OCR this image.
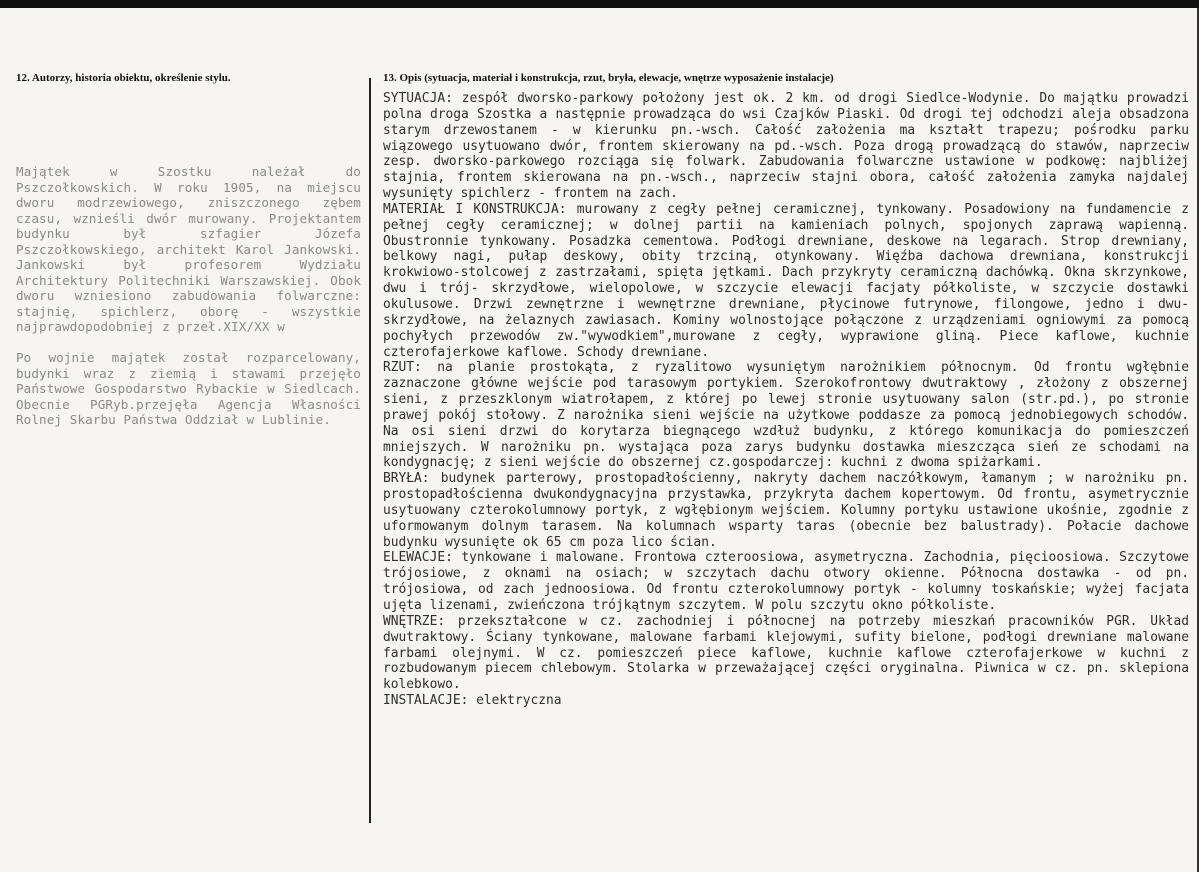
12. Autorzy, historia obiektu, określenie stylu.

Majątek w Szostku należał do Pszczołkowskich. W roku 1905, na miejscu dworu modrzewiowego, zniszczonego zębem czasu, wznieśli dwór murowany. Projektantem budynku był szfagier Józefa Pszczołkowskiego, architekt Karol Jankowski. Jankowski był profesorem Wydziału Architektury Politechniki Warszawskiej. Obok dworu wzniesiono zabudowania folwarczne: stajnię, spichlerz, oborę - wszystkie najprawdopodobniej z przeł.XIX/XX w

Po wojnie majątek został rozparcelowany, budynki wraz z ziemią i stawami przejęło Państwowe Gospodarstwo Rybackie w Siedlcach. Obecnie PGRyb.przejęła Agencja Własności Rolnej Skarbu Państwa Oddział w Lublinie.

13. Opis (sytuacja, materiał i konstrukcja, rzut, bryła, elewacje, wnętrze wyposażenie instalacje)

SYTUACJA: zespół dworsko-parkowy położony jest ok. 2 km. od drogi Siedlce-Wodynie. Do majątku prowadzi polna droga Szostka a następnie prowadząca do wsi Czajków Piaski. Od drogi tej odchodzi aleja obsadzona starym drzewostanem - w kierunku pn.-wsch. Całość założenia ma kształt trapezu; pośrodku parku wiązowego usytuowano dwór, frontem skierowany na pd.-wsch. Poza drogą prowadzącą do stawów, naprzeciw zesp. dworsko-parkowego rozciąga się folwark. Zabudowania folwarczne ustawione w podkowę: najbliżej stajnia, frontem skierowana na pn.-wsch., naprzeciw stajni obora, całość założenia zamyka najdalej wysunięty spichlerz - frontem na zach.

MATERIAŁ I KONSTRUKCJA: murowany z cegły pełnej ceramicznej, tynkowany. Posadowiony na fundamencie z pełnej cegły ceramicznej; w dolnej partii na kamieniach polnych, spojonych zaprawą wapienną. Obustronnie tynkowany. Posadzka cementowa. Podłogi drewniane, deskowe na legarach. Strop drewniany, belkowy nagi, pułap deskowy, obity trzciną, otynkowany. Więźba dachowa drewniana, konstrukcji krokwiowo-stolcowej z zastrzałami, spięta jętkami. Dach przykryty ceramiczną dachówką. Okna skrzynkowe, dwu i trój- skrzydłowe, wielopolowe, w szczycie elewacji facjaty półkoliste, w szczycie dostawki okulusowe. Drzwi zewnętrzne i wewnętrzne drewniane, płycinowe futrynowe, filongowe, jedno i dwu-skrzydłowe, na żelaznych zawiasach. Kominy wolnostojące połączone z urządzeniami ogniowymi za pomocą pochyłych przewodów zw."wywodkiem",murowane z cegły, wyprawione gliną. Piece kaflowe, kuchnie czterofajerkowe kaflowe. Schody drewniane.

RZUT: na planie prostokąta, z ryzalitowo wysuniętym narożnikiem północnym. Od frontu wgłębnie zaznaczone główne wejście pod tarasowym portykiem. Szerokofrontowy dwutraktowy , złożony z obszernej sieni, z przeszklonym wiatrołapem, z której po lewej stronie usytuowany salon (str.pd.), po stronie prawej pokój stołowy. Z narożnika sieni wejście na użytkowe poddasze za pomocą jednobiegowych schodów. Na osi sieni drzwi do korytarza biegnącego wzdłuż budynku, z którego komunikacja do pomieszczeń mniejszych. W narożniku pn. wystająca poza zarys budynku dostawka mieszcząca sień ze schodami na kondygnację; z sieni wejście do obszernej cz.gospodarczej: kuchni z dwoma spiżarkami.

BRYŁA: budynek parterowy, prostopadłościenny, nakryty dachem naczółkowym, łamanym ; w narożniku pn. prostopadłościenna dwukondygnacyjna przystawka, przykryta dachem kopertowym. Od frontu, asymetrycznie usytuowany czterokolumnowy portyk, z wgłębionym wejściem. Kolumny portyku ustawione ukośnie, zgodnie z uformowanym dolnym tarasem. Na kolumnach wsparty taras (obecnie bez balustrady). Połacie dachowe budynku wysunięte ok 65 cm poza lico ścian.

ELEWACJE: tynkowane i malowane. Frontowa czteroosiowa, asymetryczna. Zachodnia, pięcioosiowa. Szczytowe trójosiowe, z oknami na osiach; w szczytach dachu otwory okienne. Północna dostawka - od pn. trójosiowa, od zach jednoosiowa. Od frontu czterokolumnowy portyk - kolumny toskańskie; wyżej facjata ujęta lizenami, zwieńczona trójkątnym szczytem. W polu szczytu okno półkoliste.

WNĘTRZE: przekształcone w cz. zachodniej i północnej na potrzeby mieszkań pracowników PGR. Układ dwutraktowy. Ściany tynkowane, malowane farbami klejowymi, sufity bielone, podłogi drewniane malowane farbami olejnymi. W cz. pomieszczeń piece kaflowe, kuchnie kaflowe czterofajerkowe w kuchni z rozbudowanym piecem chlebowym. Stolarka w przeważającej części oryginalna. Piwnica w cz. pn. sklepiona kolebkowo.

INSTALACJE: elektryczna
